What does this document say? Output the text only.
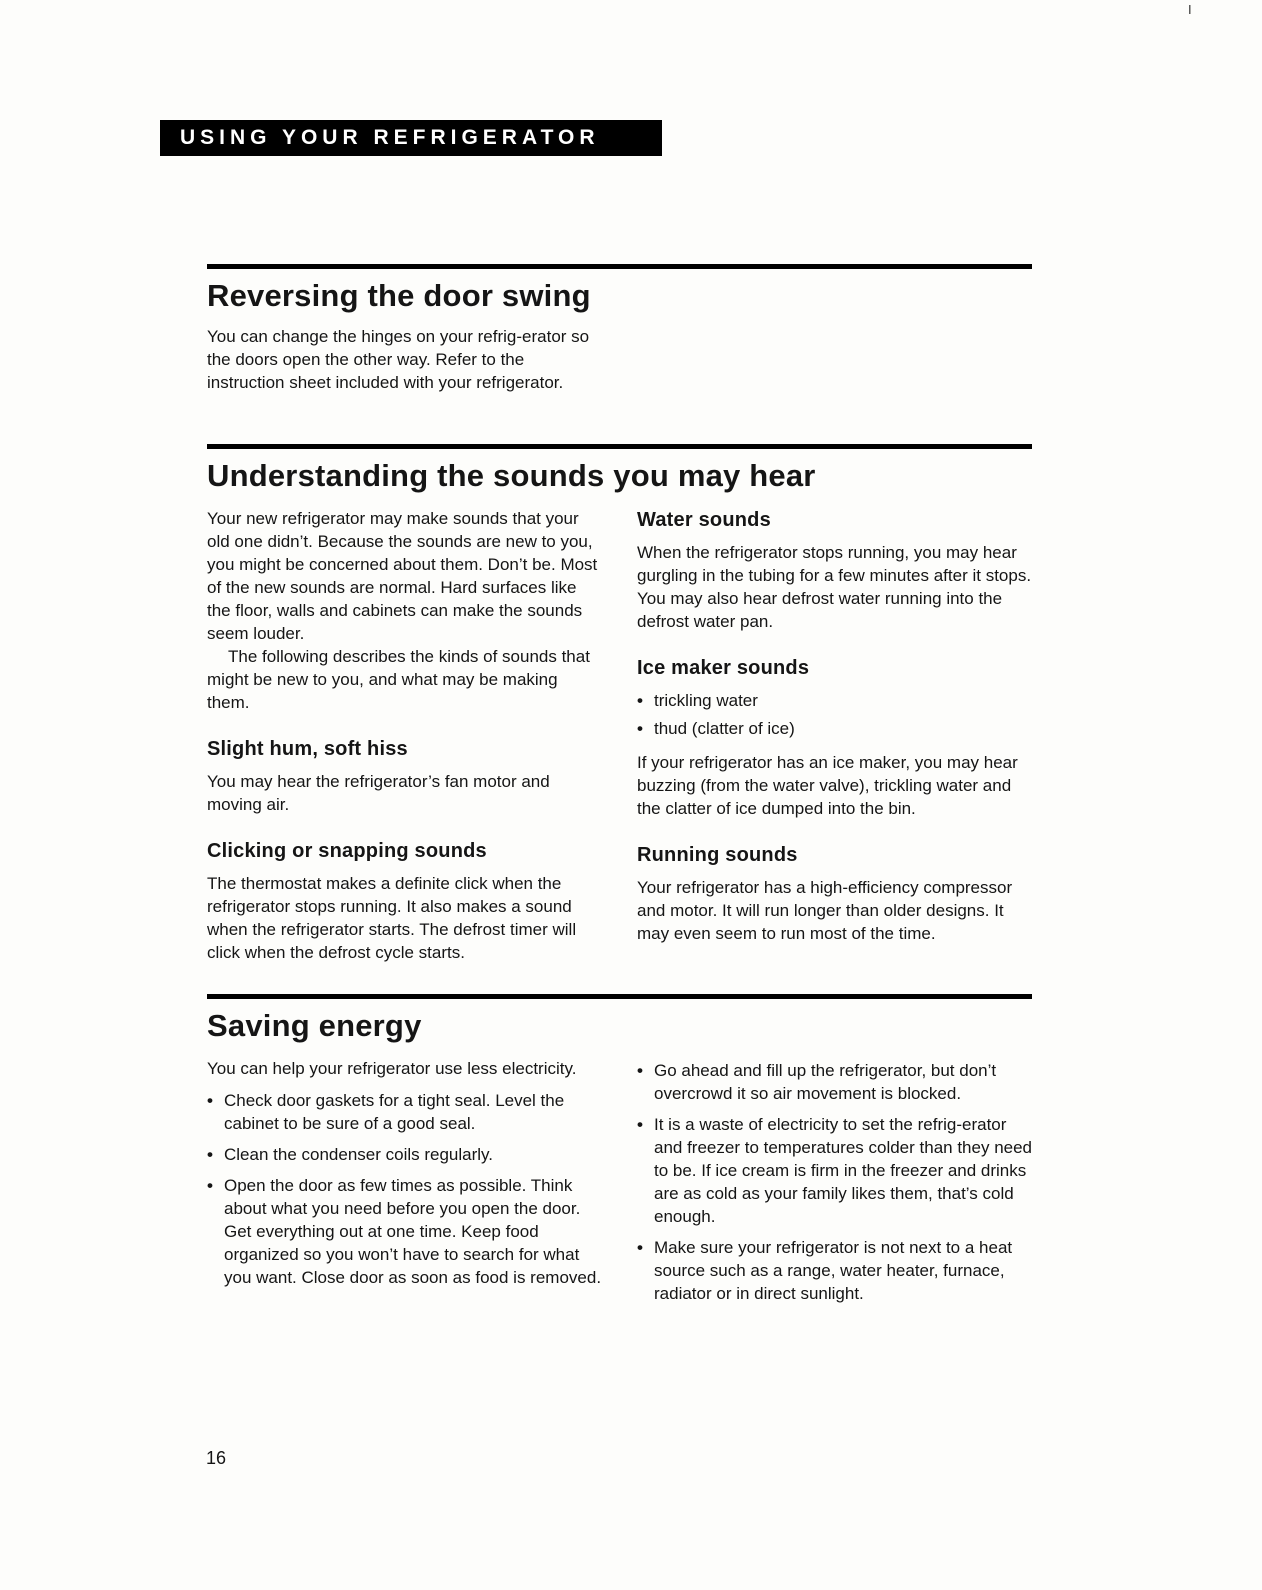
I
USING YOUR REFRIGERATOR
Reversing the door swing

You can change the hinges on your refrig-erator so the doors open the other way. Refer to the instruction sheet included with your refrigerator.

Understanding the sounds you may hear

Your new refrigerator may make sounds that your old one didn’t. Because the sounds are new to you, you might be concerned about them. Don’t be. Most of the new sounds are normal. Hard surfaces like the floor, walls and cabinets can make the sounds seem louder.

The following describes the kinds of sounds that might be new to you, and what may be making them.

Slight hum, soft hiss

You may hear the refrigerator’s fan motor and moving air.

Clicking or snapping sounds

The thermostat makes a definite click when the refrigerator stops running. It also makes a sound when the refrigerator starts. The defrost timer will click when the defrost cycle starts.

Water sounds

When the refrigerator stops running, you may hear gurgling in the tubing for a few minutes after it stops. You may also hear defrost water running into the defrost water pan.

Ice maker sounds
• trickling water
• thud (clatter of ice)

If your refrigerator has an ice maker, you may hear buzzing (from the water valve), trickling water and the clatter of ice dumped into the bin.

Running sounds

Your refrigerator has a high-efficiency compressor and motor. It will run longer than older designs. It may even seem to run most of the time.

Saving energy

You can help your refrigerator use less electricity.

• Check door gaskets for a tight seal. Level the cabinet to be sure of a good seal.
• Clean the condenser coils regularly.
• Open the door as few times as possible. Think about what you need before you open the door. Get everything out at one time. Keep food organized so you won’t have to search for what you want. Close door as soon as food is removed.
• Go ahead and fill up the refrigerator, but don’t overcrowd it so air movement is blocked.
• It is a waste of electricity to set the refrig-erator and freezer to temperatures colder than they need to be. If ice cream is firm in the freezer and drinks are as cold as your family likes them, that’s cold enough.
• Make sure your refrigerator is not next to a heat source such as a range, water heater, furnace, radiator or in direct sunlight.
16
